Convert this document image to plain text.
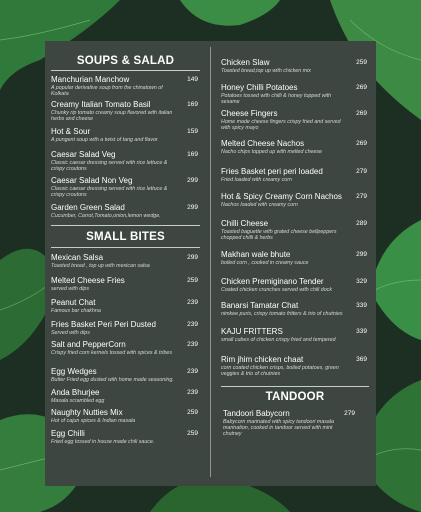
SOUPS & SALAD
Manchurian Manchow	149
A popular derivative soup from the chinatown of Kolkata
Creamy Italian Tomato Basil	169
Chunky rip tomato creamy soup flavored with italian herbs and cheese
Hot & Sour	159
A pungent soup with a twist of tang and flavor
Caesar Salad Veg	169
Classic caesar dressing served with rice lettuce & crispy croutons
Caesar Salad Non Veg	299
Classic caesar dressing served with rice lettuce & crispy croutons
Garden Green Salad	299
Cucumber, Carrot,Tomato,onion,lemon wedge.
SMALL BITES
Mexican Salsa	299
Toasted bread , top up with mexican salsa
Melted Cheese Fries	259
served with dips
Peanut Chat	239
Famous bar chakhna
Fries Basket Peri Peri Dusted	239
Served with dips
Salt and PepperCorn	239
Crispy fried corn kernels tossed with spices & tribes
Egg Wedges	239
Butter Fried egg dusted with home made seasoning.
Anda Bhurjee	239
Masala scrambled egg
Naughty Nutties Mix	259
Hot of cajun spices & Indian masala
Egg Chilli	259
Fried egg tossed in house made chili sauce.
Chicken Slaw	259
Toasted bread,top up with chicken mix
Honey Chilli Potatoes	269
Potatoes tossed with chilli & honey topped with sesame
Cheese Fingers	269
Home made cheese fingers crispy fried and served with spicy mayo
Melted Cheese Nachos	269
Nacho chips topped up with melted cheese
Fries Basket peri peri loaded	279
Fried loaded with creamy corn
Hot & Spicy Creamy Corn Nachos	279
Nachos loaded with creamy corn
Chilli Cheese	289
Toasted baguette with grated cheese bellpeppers chopped chilli & herbs
Makhan wale bhute	299
boiled corn , cooked in creamy sauce
Chicken Premiginano Tender	329
Coated chicken crunches served with chili dock
Banarsi Tamatar Chat	339
nimkee puris, crispy tomato fritters & trio of chutnies
KAJU FRITTERS	339
small cubes of chicken crispy fried and tempered
Rim jhim chicken chaat	369
corn coated chicken crisps, boiled potatoes, green veggies & trio of chutnies
TANDOOR
Tandoori Babycorn	279
Babycorn marinated with spicy tandoori masala marination, cooked in tandoor served with mint chutney
